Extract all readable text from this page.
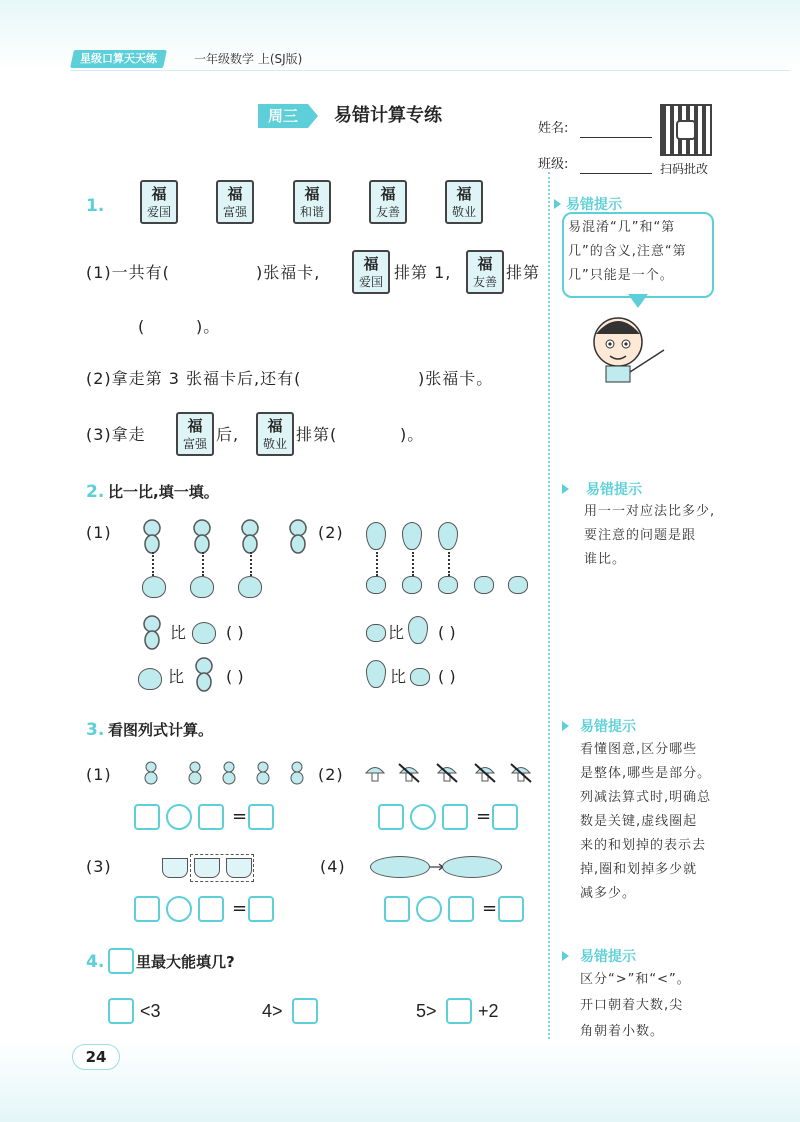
星级口算天天练	一年级数学 上(SJ版)
周三	易错计算专练
姓名:
班级:	扫码批改
1.
福
爱国
福
富强
福
和谐
福
友善
福
敬业
(1)一共有(	)张福卡,	福
爱国 排第 1,	福
友善 排第
(	)。
(2)拿走第 3 张福卡后,还有(	)张福卡。
(3)拿走	福
富强 后,	福
敬业 排第(	)。
2. 比一比,填一填。
(1)	(2)
比 ( )	比 ( )
比	( )	比 ( )
3. 看图列式计算。
(1)	(2)
=	=
(3)	(4)
=	=
4. 里最大能填几?
<3	4>	5> +2
易错提示
易混淆“几”和“第
几”的含义,注意“第
几”只能是一个。
易错提示
用一一对应法比多少,
要注意的问题是跟
谁比。
易错提示
看懂图意,区分哪些
是整体,哪些是部分。
列减法算式时,明确总
数是关键,虚线圈起
来的和划掉的表示去
掉,圈和划掉多少就
减多少。
易错提示
区分“>”和“<”。
开口朝着大数,尖
角朝着小数。
24
